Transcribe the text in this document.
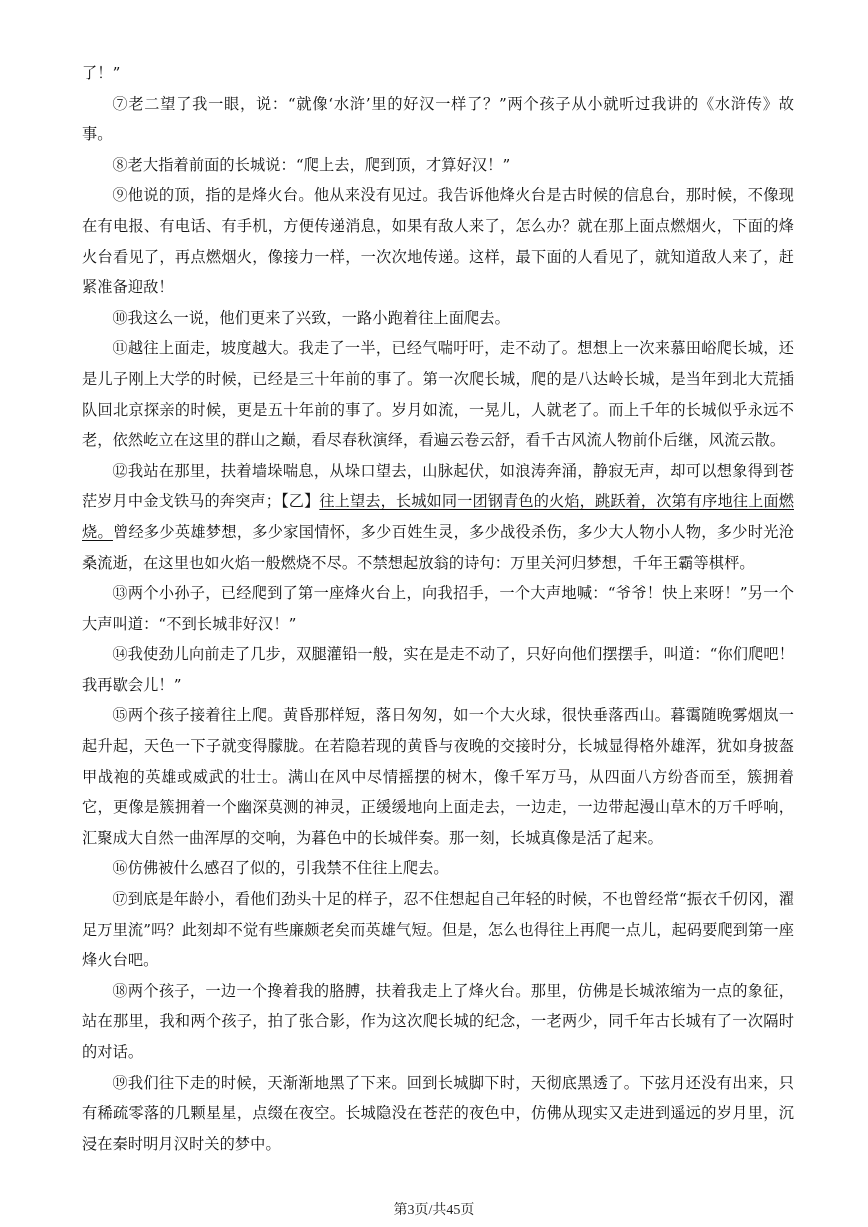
了！”

⑦老二望了我一眼，说：“就像‘水浒’里的好汉一样了？”两个孩子从小就听过我讲的《水浒传》故事。

⑧老大指着前面的长城说：“爬上去，爬到顶，才算好汉！”

⑨他说的顶，指的是烽火台。他从来没有见过。我告诉他烽火台是古时候的信息台，那时候，不像现在有电报、有电话、有手机，方便传递消息，如果有敌人来了，怎么办？就在那上面点燃烟火，下面的烽火台看见了，再点燃烟火，像接力一样，一次次地传递。这样，最下面的人看见了，就知道敌人来了，赶紧准备迎敌！

⑩我这么一说，他们更来了兴致，一路小跑着往上面爬去。

⑪越往上面走，坡度越大。我走了一半，已经气喘吁吁，走不动了。想想上一次来慕田峪爬长城，还是儿子刚上大学的时候，已经是三十年前的事了。第一次爬长城，爬的是八达岭长城，是当年到北大荒插队回北京探亲的时候，更是五十年前的事了。岁月如流，一晃儿，人就老了。而上千年的长城似乎永远不老，依然屹立在这里的群山之巅，看尽春秋演绎，看遍云卷云舒，看千古风流人物前仆后继，风流云散。

⑫我站在那里，扶着墙垛喘息，从垛口望去，山脉起伏，如浪涛奔涌，静寂无声，却可以想象得到苍茫岁月中金戈铁马的奔突声；【乙】往上望去，长城如同一团钢青色的火焰，跳跃着，次第有序地往上面燃烧。曾经多少英雄梦想，多少家国情怀，多少百姓生灵，多少战役杀伤，多少大人物小人物，多少时光沧桑流逝，在这里也如火焰一般燃烧不尽。不禁想起放翁的诗句：万里关河归梦想，千年王霸等棋枰。

⑬两个小孙子，已经爬到了第一座烽火台上，向我招手，一个大声地喊：“爷爷！快上来呀！”另一个大声叫道：“不到长城非好汉！”

⑭我使劲儿向前走了几步，双腿灌铅一般，实在是走不动了，只好向他们摆摆手，叫道：“你们爬吧！我再歇会儿！”

⑮两个孩子接着往上爬。黄昏那样短，落日匆匆，如一个大火球，很快垂落西山。暮霭随晚雾烟岚一起升起，天色一下子就变得朦胧。在若隐若现的黄昏与夜晚的交接时分，长城显得格外雄浑，犹如身披盔甲战袍的英雄或威武的壮士。满山在风中尽情摇摆的树木，像千军万马，从四面八方纷沓而至，簇拥着它，更像是簇拥着一个幽深莫测的神灵，正缓缓地向上面走去，一边走，一边带起漫山草木的万千呼响，汇聚成大自然一曲浑厚的交响，为暮色中的长城伴奏。那一刻，长城真像是活了起来。

⑯仿佛被什么感召了似的，引我禁不住往上爬去。

⑰到底是年龄小，看他们劲头十足的样子，忍不住想起自己年轻的时候，不也曾经常“振衣千仞冈，濯足万里流”吗？此刻却不觉有些廉颇老矣而英雄气短。但是，怎么也得往上再爬一点儿，起码要爬到第一座烽火台吧。

⑱两个孩子，一边一个搀着我的胳膊，扶着我走上了烽火台。那里，仿佛是长城浓缩为一点的象征，站在那里，我和两个孩子，拍了张合影，作为这次爬长城的纪念，一老两少，同千年古长城有了一次隔时的对话。

⑲我们往下走的时候，天渐渐地黑了下来。回到长城脚下时，天彻底黑透了。下弦月还没有出来，只有稀疏零落的几颗星星，点缀在夜空。长城隐没在苍茫的夜色中，仿佛从现实又走进到遥远的岁月里，沉浸在秦时明月汉时关的梦中。

第3页/共45页
